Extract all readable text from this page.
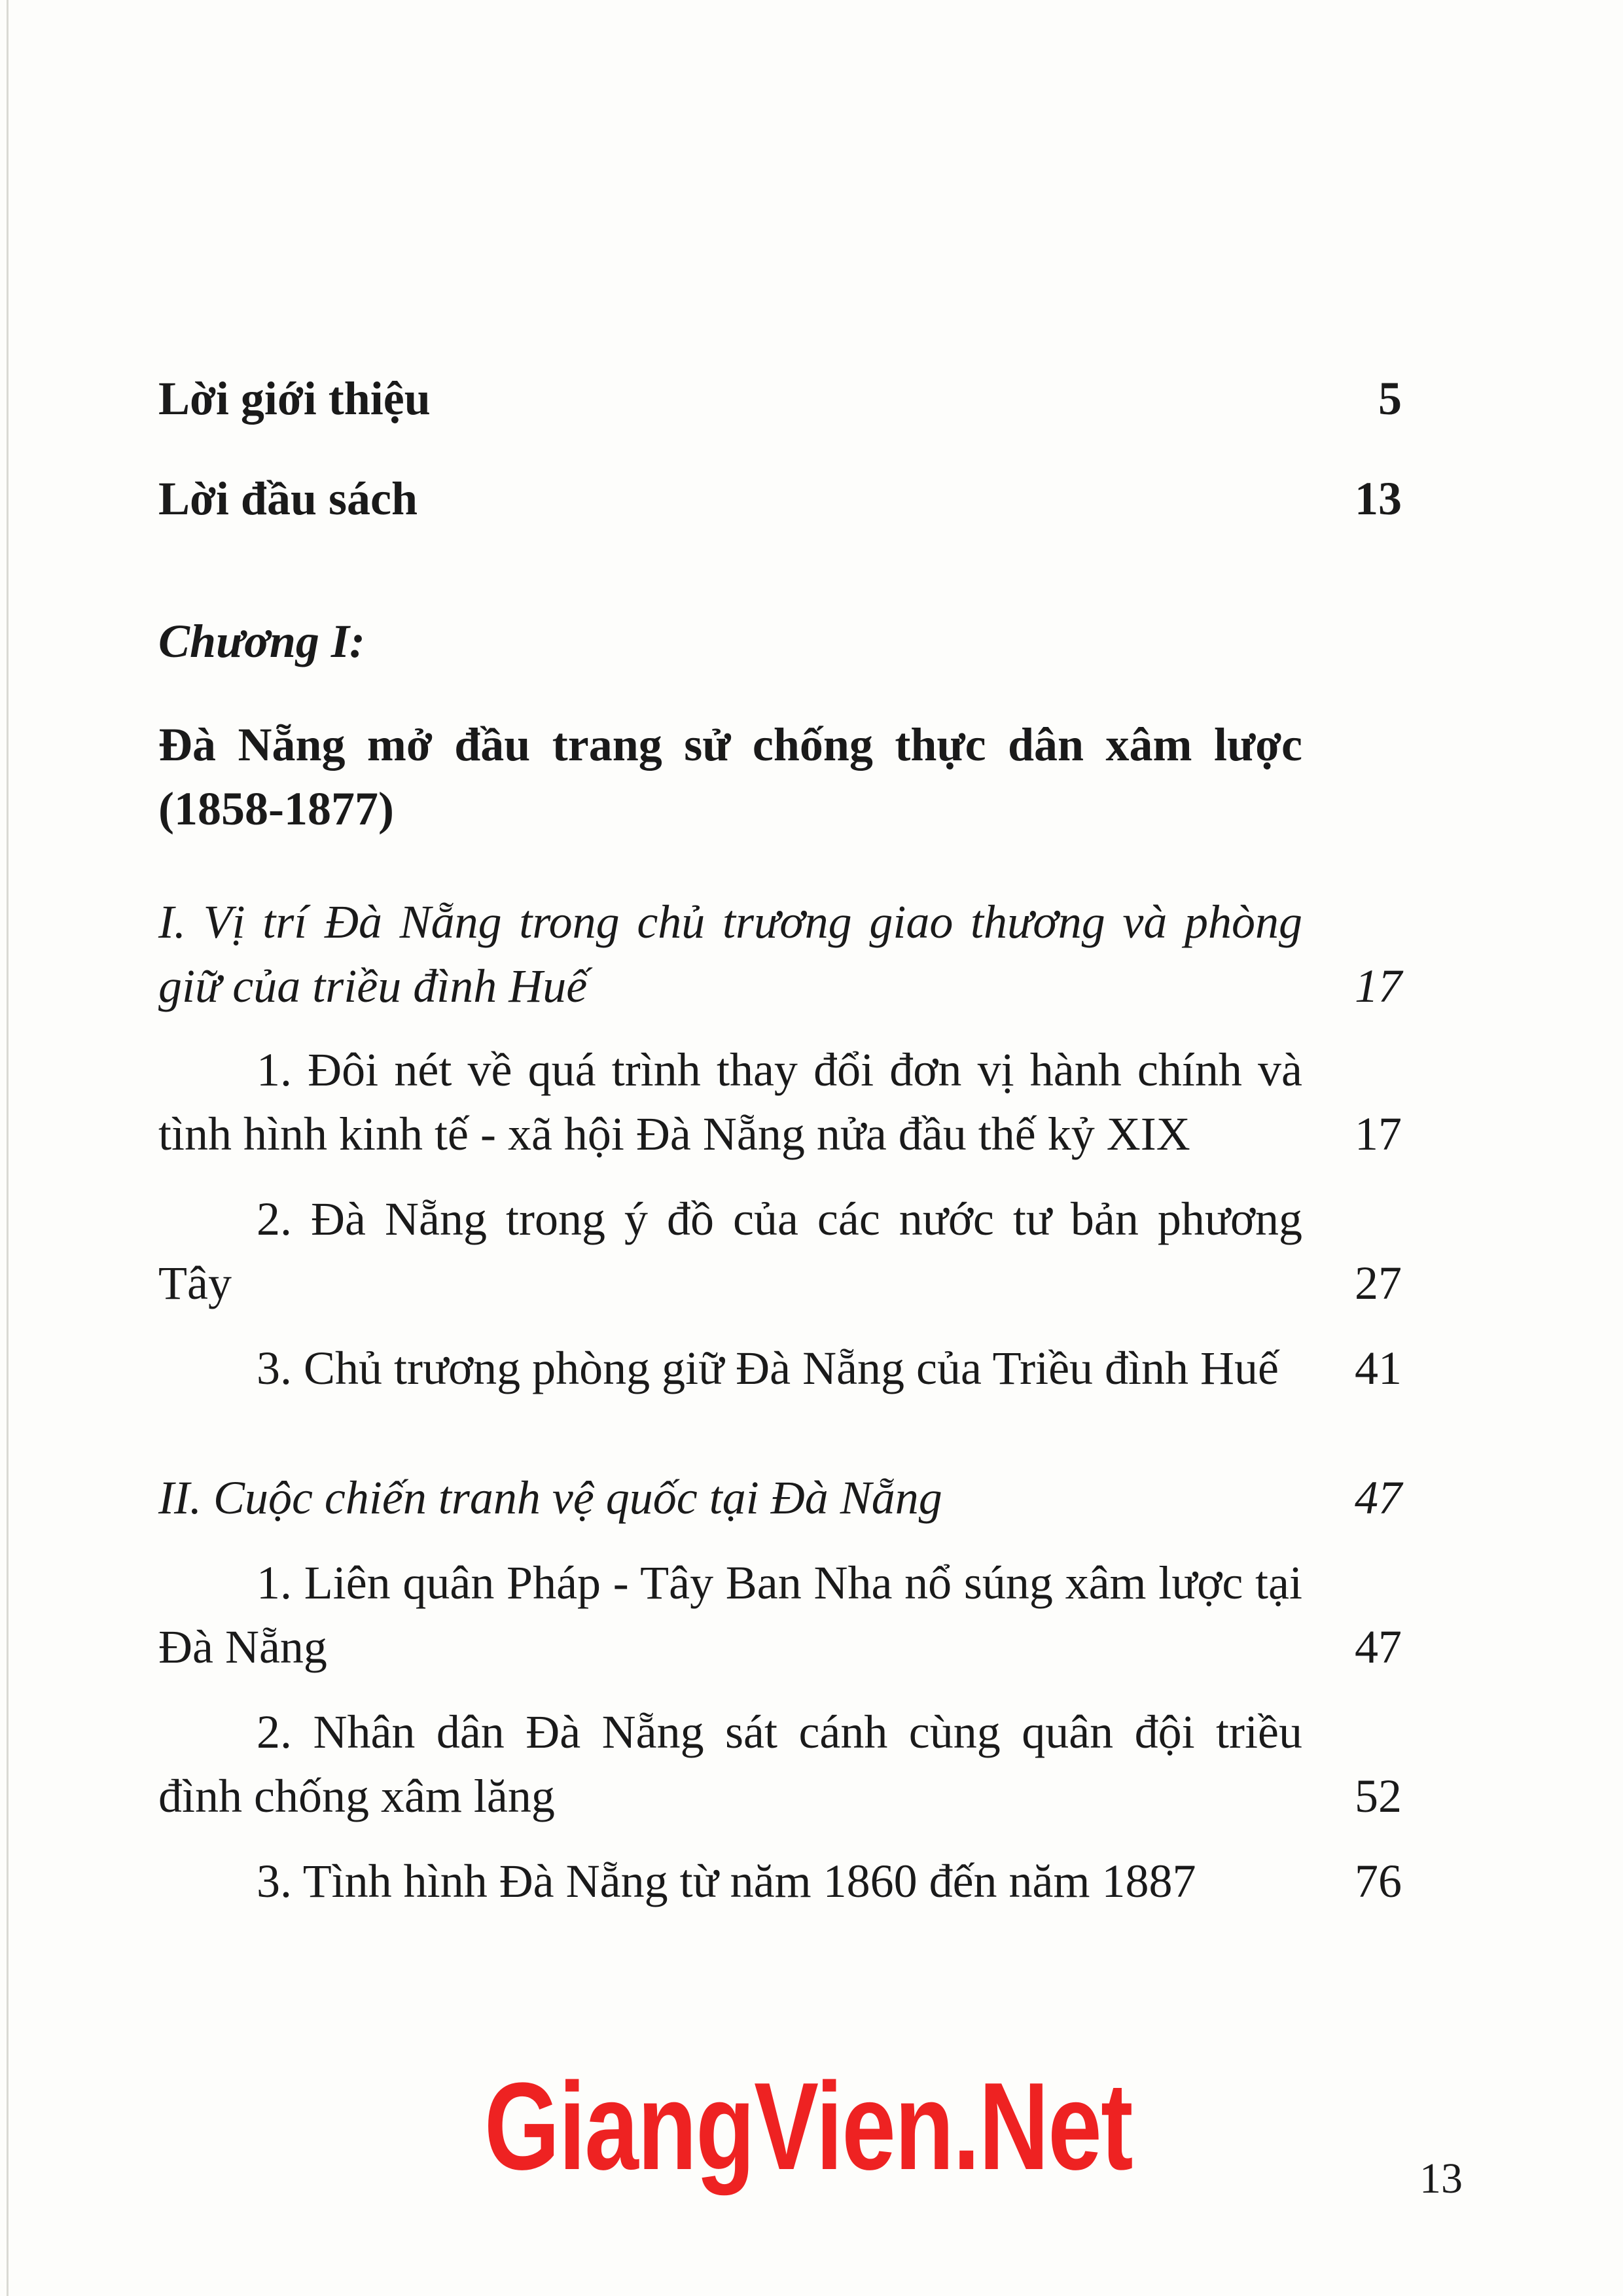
Lời giới thiệu	5
Lời đầu sách	13
Chương I:
Đà Nẵng mở đầu trang sử chống thực dân xâm lược (1858-1877)
I. Vị trí Đà Nẵng trong chủ trương giao thương và phòng giữ của triều đình Huế	17
1. Đôi nét về quá trình thay đổi đơn vị hành chính và tình hình kinh tế - xã hội Đà Nẵng nửa đầu thế kỷ XIX	17
2. Đà Nẵng trong ý đồ của các nước tư bản phương Tây	27
3. Chủ trương phòng giữ Đà Nẵng của Triều đình Huế	41
II. Cuộc chiến tranh vệ quốc tại Đà Nẵng	47
1. Liên quân Pháp - Tây Ban Nha nổ súng xâm lược tại Đà Nẵng	47
2. Nhân dân Đà Nẵng sát cánh cùng quân đội triều đình chống xâm lăng	52
3. Tình hình Đà Nẵng từ năm 1860 đến năm 1887	76
GiangVien.Net	13
